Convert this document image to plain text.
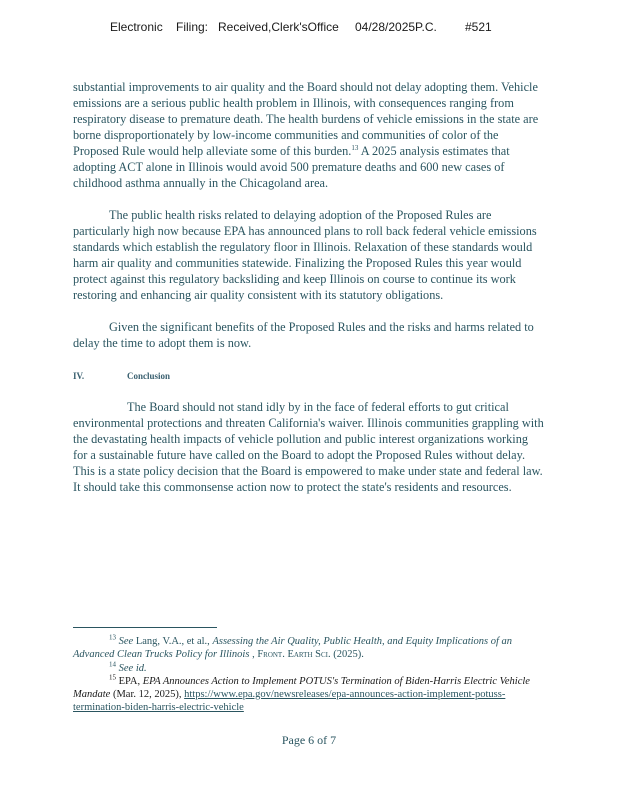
Electronic Filing: Received,Clerk'sOffice 04/28/2025P.C. #521

substantial improvements to air quality and the Board should not delay adopting them. Vehicle emissions are a serious public health problem in Illinois, with consequences ranging from respiratory disease to premature death. The health burdens of vehicle emissions in the state are borne disproportionately by low-income communities and communities of color of the Proposed Rule would help alleviate some of this burden.$^{13}$ A 2025 analysis estimates that adopting ACT alone in Illinois would avoid 500 premature deaths and 600 new cases of childhood asthma annually in the Chicagoland area.

The public health risks related to delaying adoption of the Proposed Rules are particularly high now because EPA has announced plans to roll back federal vehicle emissions standards which establish the regulatory floor in Illinois. Relaxation of these standards would harm air quality and communities statewide. Finalizing the Proposed Rules this year would protect against this regulatory backsliding and keep Illinois on course to continue its work restoring and enhancing air quality consistent with its statutory obligations.

Given the significant benefits of the Proposed Rules and the risks and harms related to delay the time to adopt them is now.

IV.	Conclusion

The Board should not stand idly by in the face of federal efforts to gut critical environmental protections and threaten California's waiver. Illinois communities grappling with the devastating health impacts of vehicle pollution and public interest organizations working for a sustainable future have called on the Board to adopt the Proposed Rules without delay. This is a state policy decision that the Board is empowered to make under state and federal law. It should take this commonsense action now to protect the state's residents and resources.

$^{13}$ See Lang, V.A., et al., Assessing the Air Quality, Public Health, and Equity Implications of an Advanced Clean Trucks Policy for Illinois , Front. Earth Sci. (2025).

$^{14}$ See id.

$^{15}$ EPA, EPA Announces Action to Implement POTUS's Termination of Biden-Harris Electric Vehicle Mandate (Mar. 12, 2025), https://www.epa.gov/newsreleases/epa-announces-action-implement-potuss-termination-biden-harris-electric-vehicle

Page 6 of 7
